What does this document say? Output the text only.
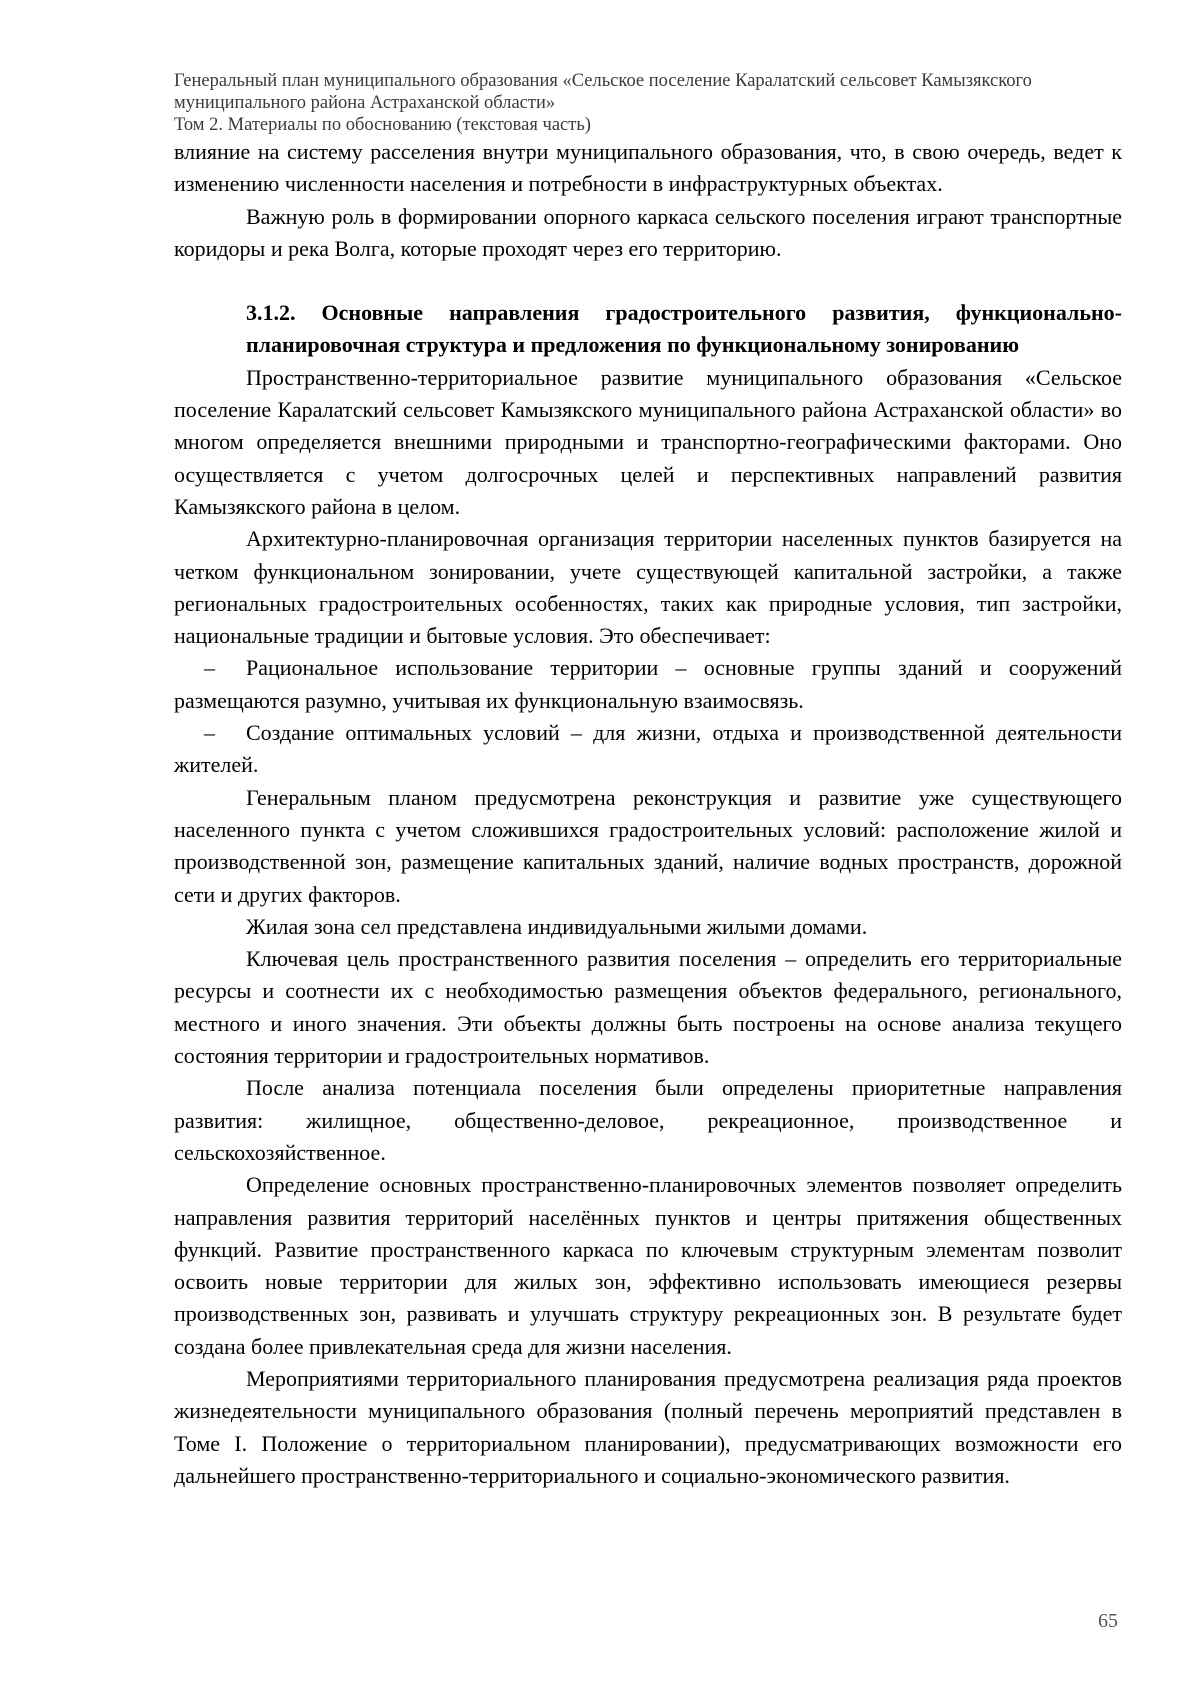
Генеральный план муниципального образования «Сельское поселение Каралатский сельсовет Камызякского

муниципального района Астраханской области»

Том 2. Материалы по обоснованию (текстовая часть)

влияние на систему расселения внутри муниципального образования, что, в свою очередь, ведет к изменению численности населения и потребности в инфраструктурных объектах.

Важную роль в формировании опорного каркаса сельского поселения играют транспортные коридоры и река Волга, которые проходят через его территорию.

3.1.2. Основные направления градостроительного развития, функционально-планировочная структура и предложения по функциональному зонированию

Пространственно-территориальное развитие муниципального образования «Сельское поселение Каралатский сельсовет Камызякского муниципального района Астраханской области» во многом определяется внешними природными и транспортно-географическими факторами. Оно осуществляется с учетом долгосрочных целей и перспективных направлений развития Камызякского района в целом.

Архитектурно-планировочная организация территории населенных пунктов базируется на четком функциональном зонировании, учете существующей капитальной застройки, а также региональных градостроительных особенностях, таких как природные условия, тип застройки, национальные традиции и бытовые условия. Это обеспечивает:

– Рациональное использование территории – основные группы зданий и сооружений размещаются разумно, учитывая их функциональную взаимосвязь.

– Создание оптимальных условий – для жизни, отдыха и производственной деятельности жителей.

Генеральным планом предусмотрена реконструкция и развитие уже существующего населенного пункта с учетом сложившихся градостроительных условий: расположение жилой и производственной зон, размещение капитальных зданий, наличие водных пространств, дорожной сети и других факторов.

Жилая зона сел представлена индивидуальными жилыми домами.

Ключевая цель пространственного развития поселения – определить его территориальные ресурсы и соотнести их с необходимостью размещения объектов федерального, регионального, местного и иного значения. Эти объекты должны быть построены на основе анализа текущего состояния территории и градостроительных нормативов.

После анализа потенциала поселения были определены приоритетные направления развития: жилищное, общественно-деловое, рекреационное, производственное и сельскохозяйственное.

Определение основных пространственно-планировочных элементов позволяет определить направления развития территорий населённых пунктов и центры притяжения общественных функций. Развитие пространственного каркаса по ключевым структурным элементам позволит освоить новые территории для жилых зон, эффективно использовать имеющиеся резервы производственных зон, развивать и улучшать структуру рекреационных зон. В результате будет создана более привлекательная среда для жизни населения.

Мероприятиями территориального планирования предусмотрена реализация ряда проектов жизнедеятельности муниципального образования (полный перечень мероприятий представлен в Томе I. Положение о территориальном планировании), предусматривающих возможности его дальнейшего пространственно-территориального и социально-экономического развития.

65
